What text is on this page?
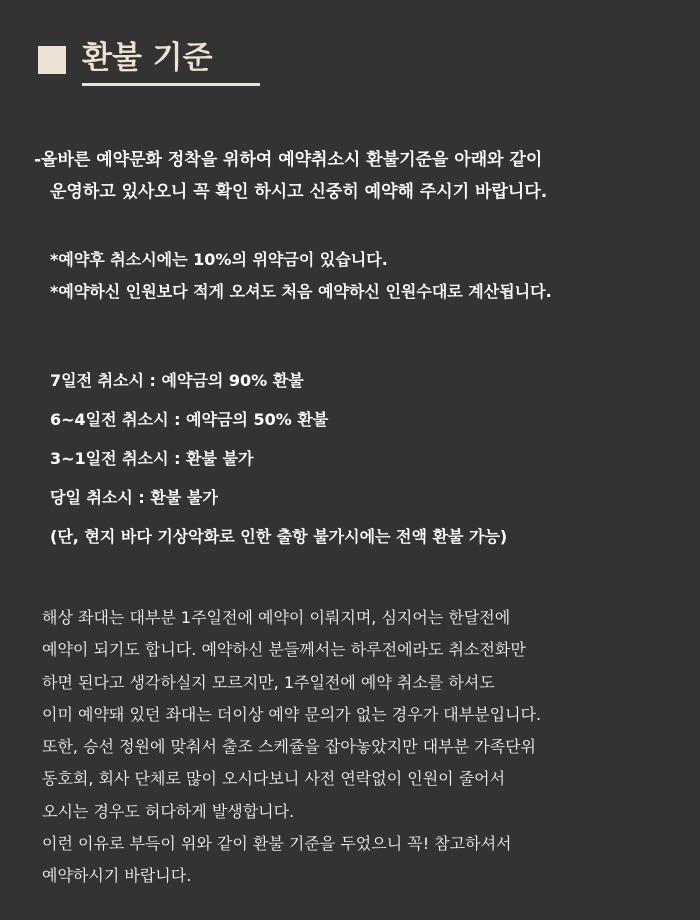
환불 기준
-올바른 예약문화 정착을 위하여 예약취소시 환불기준을 아래와 같이
운영하고 있사오니 꼭 확인 하시고 신중히 예약해 주시기 바랍니다.
*예약후 취소시에는 10%의 위약금이 있습니다.
*예약하신 인원보다 적게 오셔도 처음 예약하신 인원수대로 계산됩니다.
7일전 취소시 : 예약금의 90% 환불
6~4일전 취소시 : 예약금의 50% 환불
3~1일전 취소시 : 환불 불가
당일 취소시 : 환불 불가
(단, 현지 바다 기상악화로 인한 출항 불가시에는 전액 환불 가능)
해상 좌대는 대부분 1주일전에 예약이 이뤄지며, 심지어는 한달전에
예약이 되기도 합니다. 예약하신 분들께서는 하루전에라도 취소전화만
하면 된다고 생각하실지 모르지만, 1주일전에 예약 취소를 하셔도
이미 예약돼 있던 좌대는 더이상 예약 문의가 없는 경우가 대부분입니다.
또한, 승선 정원에 맞춰서 출조 스케쥴을 잡아놓았지만 대부분 가족단위
동호회, 회사 단체로 많이 오시다보니 사전 연락없이 인원이 줄어서
오시는 경우도 허다하게 발생합니다.
이런 이유로 부득이 위와 같이 환불 기준을 두었으니 꼭! 참고하셔서
예약하시기 바랍니다.
